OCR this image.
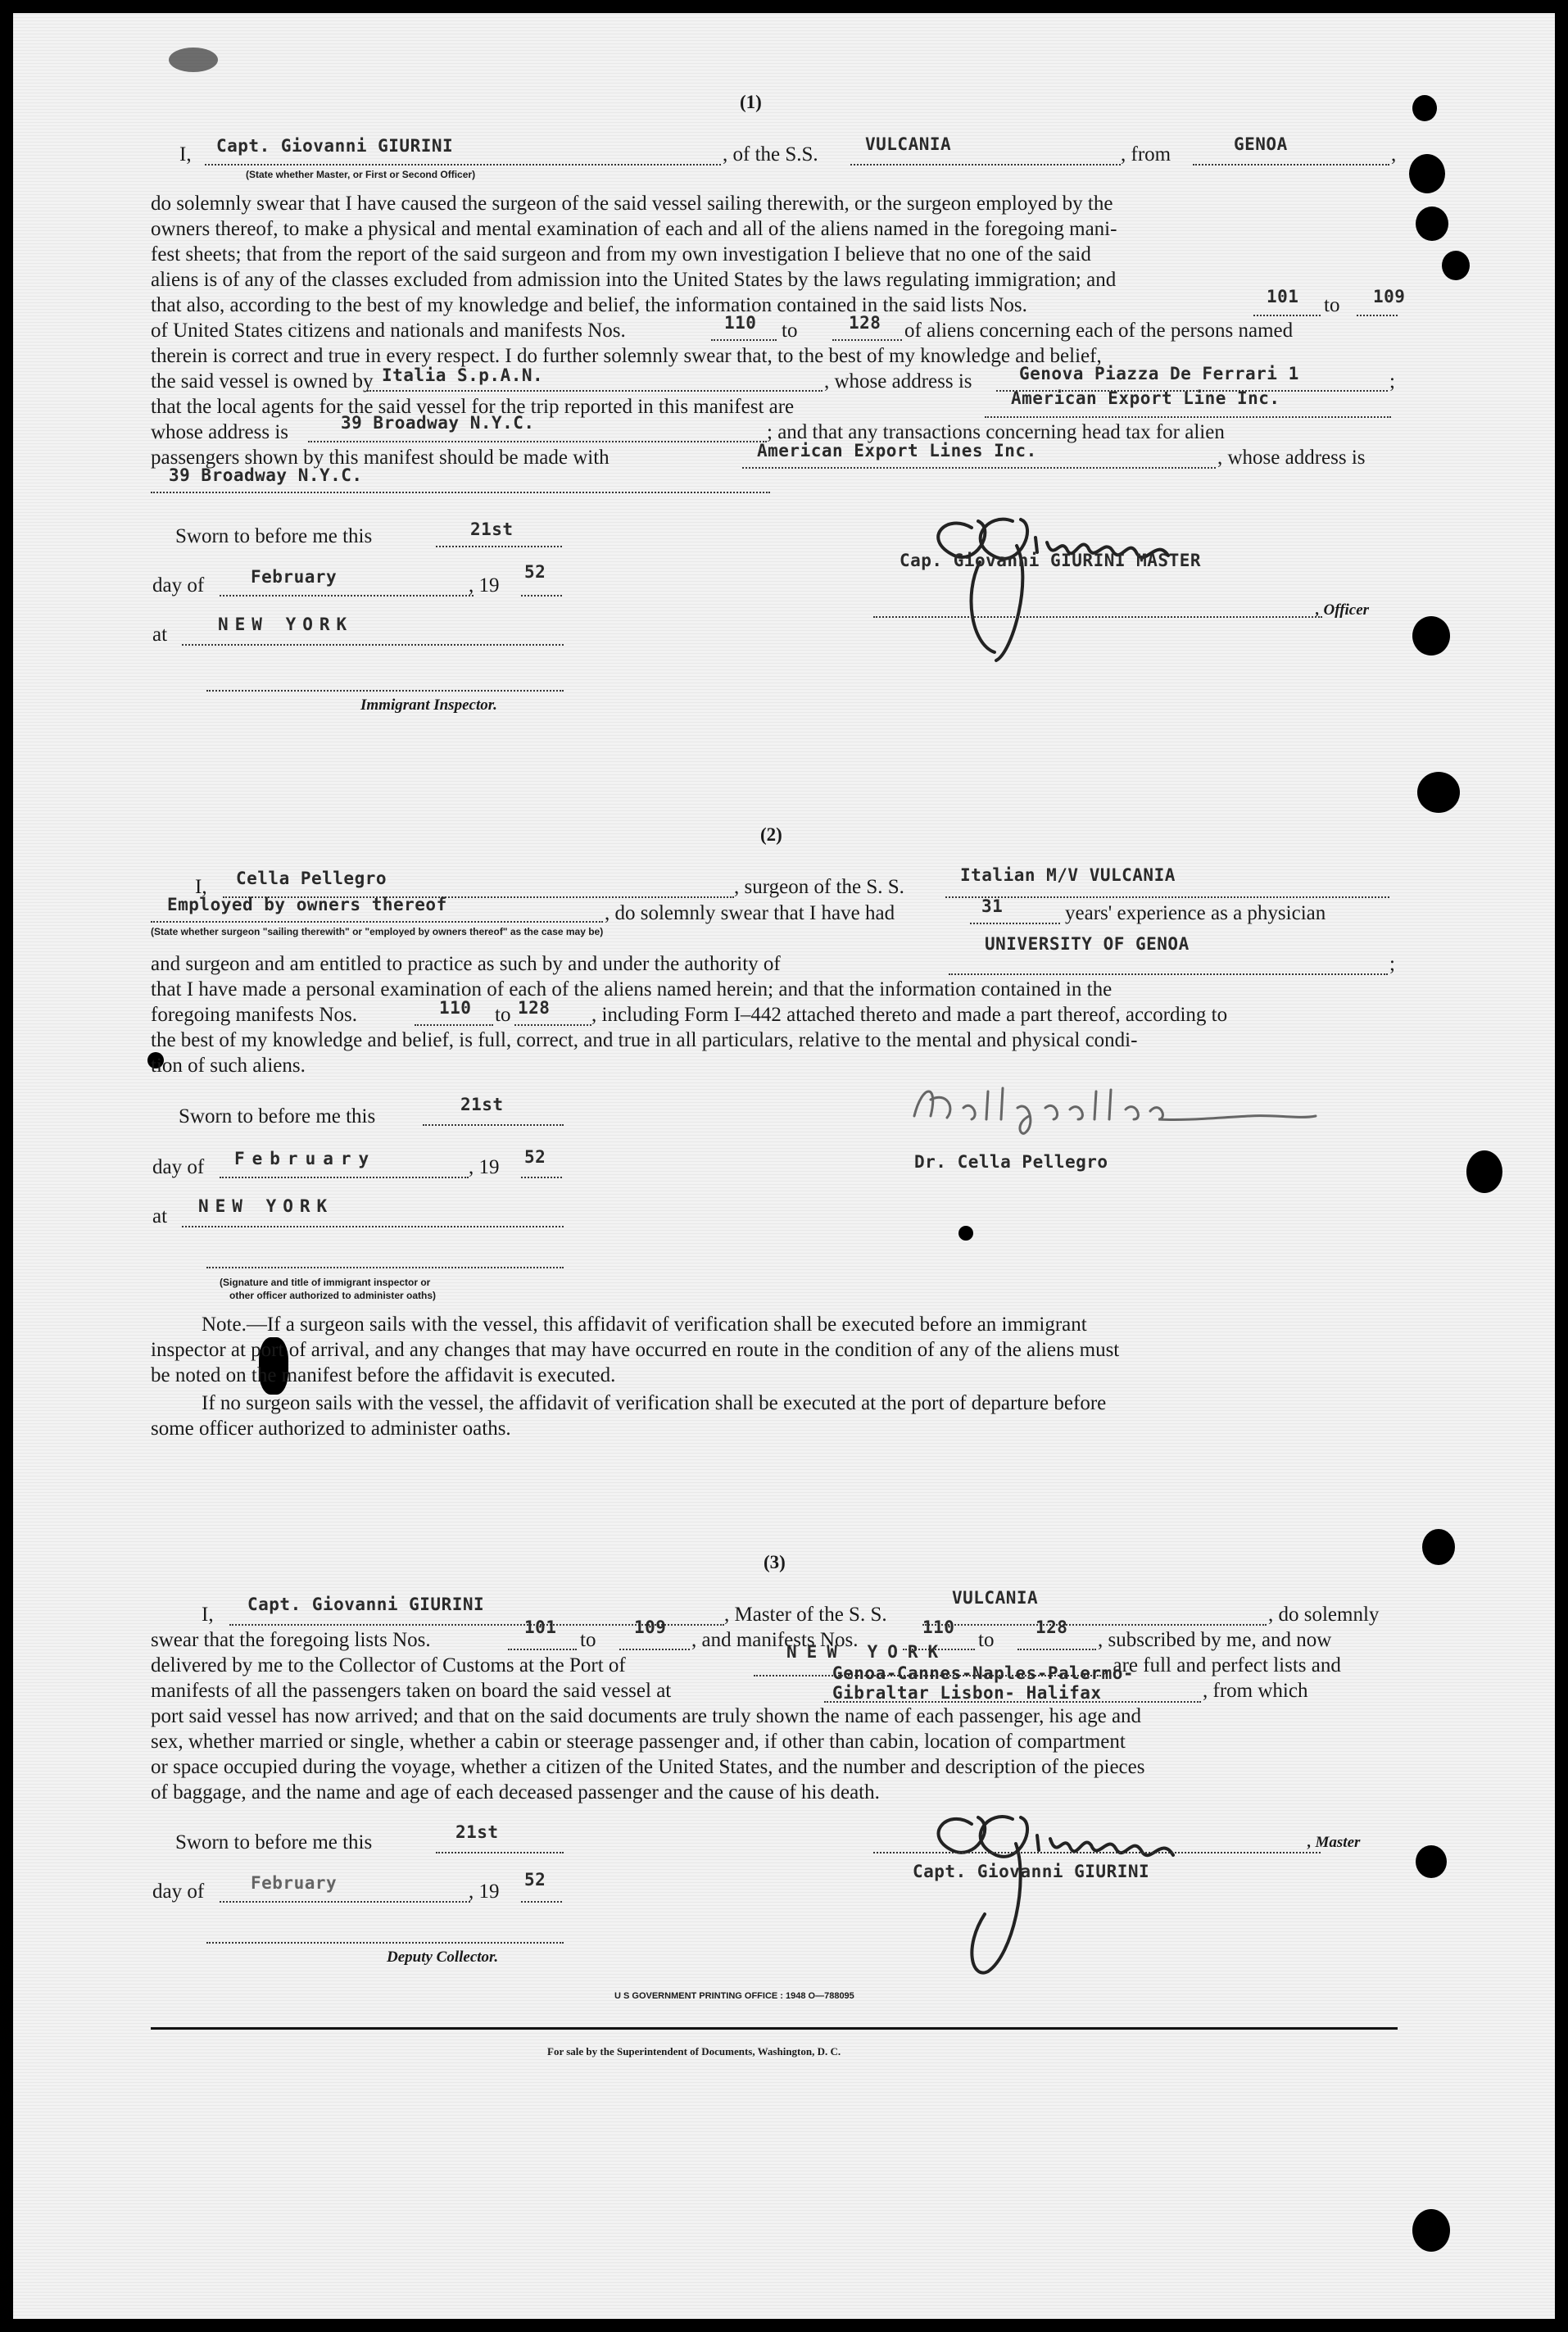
(1)
I, Capt. Giovanni GIURINI	, of the S.S.	VULCANIA	, from	GENOA	,
(State whether Master, or First or Second Officer)
do solemnly swear that I have caused the surgeon of the said vessel sailing therewith, or the surgeon employed by the
owners thereof, to make a physical and mental examination of each and all of the aliens named in the foregoing mani-
fest sheets; that from the report of the said surgeon and from my own investigation I believe that no one of the said
aliens is of any of the classes excluded from admission into the United States by the laws regulating immigration; and
that also, according to the best of my knowledge and belief, the information contained in the said lists Nos.	101 to 109
of United States citizens and nationals and manifests Nos.	110 to	128 of aliens concerning each of the persons named
therein is correct and true in every respect. I do further solemnly swear that, to the best of my knowledge and belief,
the said vessel is owned by Italia S.p.A.N.	, whose address is	Genova Piazza De Ferrari 1	;
that the local agents for the said vessel for the trip reported in this manifest are	American Export Line Inc.
whose address is	39 Broadway N.Y.C.	; and that any transactions concerning head tax for alien
passengers shown by this manifest should be made with	American Export Lines Inc.	, whose address is
39 Broadway N.Y.C.
Sworn to before me this	21st
day of	February	, 19
52
at	NEW YORK
Immigrant Inspector.
Cap. Giovanni GIURINI MASTER
, Officer
(2)
I, Cella Pellegro	, surgeon of the S. S.
Italian M/V VULCANIA
Employed by owners thereof	, do solemnly swear that I have had	31	years' experience as a physician
(State whether surgeon "sailing therewith" or "employed by owners thereof" as the case may be)
UNIVERSITY OF GENOA
and surgeon and am entitled to practice as such by and under the authority of	;
that I have made a personal examination of each of the aliens named herein; and that the information contained in the
foregoing manifests Nos.	110 to 128 , including Form I–442 attached thereto and made a part thereof, according to
the best of my knowledge and belief, is full, correct, and true in all particulars, relative to the mental and physical condi-
tion of such aliens.
Sworn to before me this
21st
day of February	, 19 52
at NEW YORK
(Signature and title of immigrant inspector or
other officer authorized to administer oaths)
Dr. Cella Pellegro
Note.—If a surgeon sails with the vessel, this affidavit of verification shall be executed before an immigrant
inspector at port of arrival, and any changes that may have occurred en route in the condition of any of the aliens must
be noted on the manifest before the affidavit is executed.
If no surgeon sails with the vessel, the affidavit of verification shall be executed at the port of departure before
some officer authorized to administer oaths.
(3)
I, Capt. Giovanni GIURINI	, Master of the S. S.
VULCANIA
, do solemnly
swear that the foregoing lists Nos.
101
to
109
, and manifests Nos.
110
to
128
, subscribed by me, and now
delivered by me to the Collector of Customs at the Port of
NEW YORK
, are full and perfect lists and
manifests of all the passengers taken on board the said vessel at
Genoa-Cannes-Naples-Palermo-
Gibraltar Lisbon- Halifax	, from which
port said vessel has now arrived; and that on the said documents are truly shown the name of each passenger, his age and
sex, whether married or single, whether a cabin or steerage passenger and, if other than cabin, location of compartment
or space occupied during the voyage, whether a citizen of the United States, and the number and description of the pieces
of baggage, and the name and age of each deceased passenger and the cause of his death.
Sworn to before me this	21st
day of	February	, 19
52
Deputy Collector.
, Master
Capt. Giovanni GIURINI
U S GOVERNMENT PRINTING OFFICE : 1948 O—788095
For sale by the Superintendent of Documents, Washington, D. C.
